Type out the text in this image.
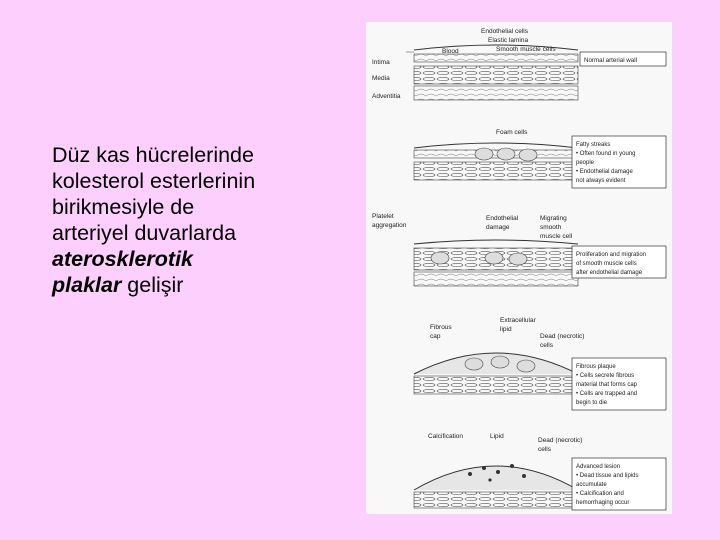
Düz kas hücrelerinde
kolesterol esterlerinin
birikmesiyle de
arteriyel duvarlarda
aterosklerotik
plaklar gelişir
Endothelial cells
Elastic lamina
Smooth muscle cells
Blood
Intima
Media
Adventitia
Normal arterial wall
Foam cells
Fatty streaks
• Often found in young
people
• Endothelial damage
not always evident
Platelet
aggregation
Endothelial
damage
Migrating
smooth
muscle cell
Proliferation and migration
of smooth muscle cells
after endothelial damage
Fibrous
cap
Extracellular
lipid
Dead (necrotic)
cells
Fibrous plaque
• Cells secrete fibrous
material that forms cap
• Cells are trapped and
begin to die
Calcification	Lipid
Dead (necrotic)
cells
Advanced lesion
• Dead tissue and lipids
accumulate
• Calcification and
hemorrhaging occur
